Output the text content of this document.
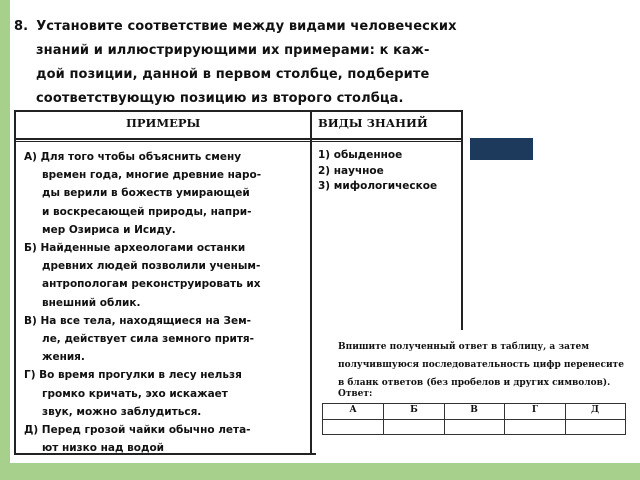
8. Установите соответствие между видами человеческих
знаний и иллюстрирующими их примерами: к каж-
дой позиции, данной в первом столбце, подберите
соответствующую позицию из второго столбца.
ПРИМЕРЫ	ВИДЫ ЗНАНИЙ
А) Для того чтобы объяснить смену
времен года, многие древние наро-
ды верили в божеств умирающей
и воскресающей природы, напри-
мер Озириса и Исиду.
Б) Найденные археологами останки
древних людей позволили ученым-
антропологам реконструировать их
внешний облик.
В) На все тела, находящиеся на Зем-
ле, действует сила земного притя-
жения.
Г) Во время прогулки в лесу нельзя
громко кричать, эхо искажает
звук, можно заблудиться.
Д) Перед грозой чайки обычно лета-
ют низко над водой
1) обыденное
2) научное
3) мифологическое
Впишите полученный ответ в таблицу, а затем
получившуюся последовательность цифр перенесите
в бланк ответов (без пробелов и других символов).
Ответ:
А	Б	В	Г	Д
